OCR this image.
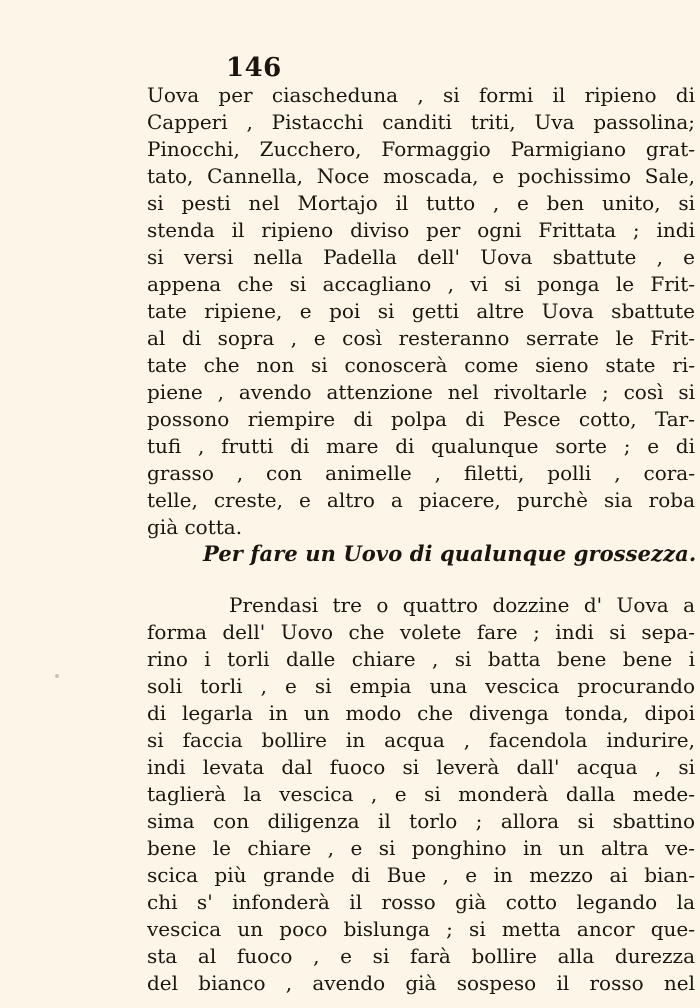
146
Uova per ciascheduna , si formi il ripieno di
Capperi , Pistacchi canditi triti, Uva passolina;
Pinocchi, Zucchero, Formaggio Parmigiano grat-
tato, Cannella, Noce moscada, e pochissimo Sale,
si pesti nel Mortajo il tutto , e ben unito, si
stenda il ripieno diviso per ogni Frittata ; indi
si versi nella Padella dell' Uova sbattute , e
appena che si accagliano , vi si ponga le Frit-
tate ripiene, e poi si getti altre Uova sbattute
al di sopra , e così resteranno serrate le Frit-
tate che non si conoscerà come sieno state ri-
piene , avendo attenzione nel rivoltarle ; così si
possono riempire di polpa di Pesce cotto, Tar-
tufi , frutti di mare di qualunque sorte ; e di
grasso , con animelle , filetti, polli , cora-
telle, creste, e altro a piacere, purchè sia roba
già cotta.
Per fare un Uovo di qualunque grossezza.
Prendasi tre o quattro dozzine d' Uova a
forma dell' Uovo che volete fare ; indi si sepa-
rino i torli dalle chiare , si batta bene bene i
soli torli , e si empia una vescica procurando
di legarla in un modo che divenga tonda, dipoi
si faccia bollire in acqua , facendola indurire,
indi levata dal fuoco si leverà dall' acqua , si
taglierà la vescica , e si monderà dalla mede-
sima con diligenza il torlo ; allora si sbattino
bene le chiare , e si ponghino in un altra ve-
scica più grande di Bue , e in mezzo ai bian-
chi s' infonderà il rosso già cotto legando la
vescica un poco bislunga ; si metta ancor que-
sta al fuoco , e si farà bollire alla durezza
del bianco , avendo già sospeso il rosso nel
